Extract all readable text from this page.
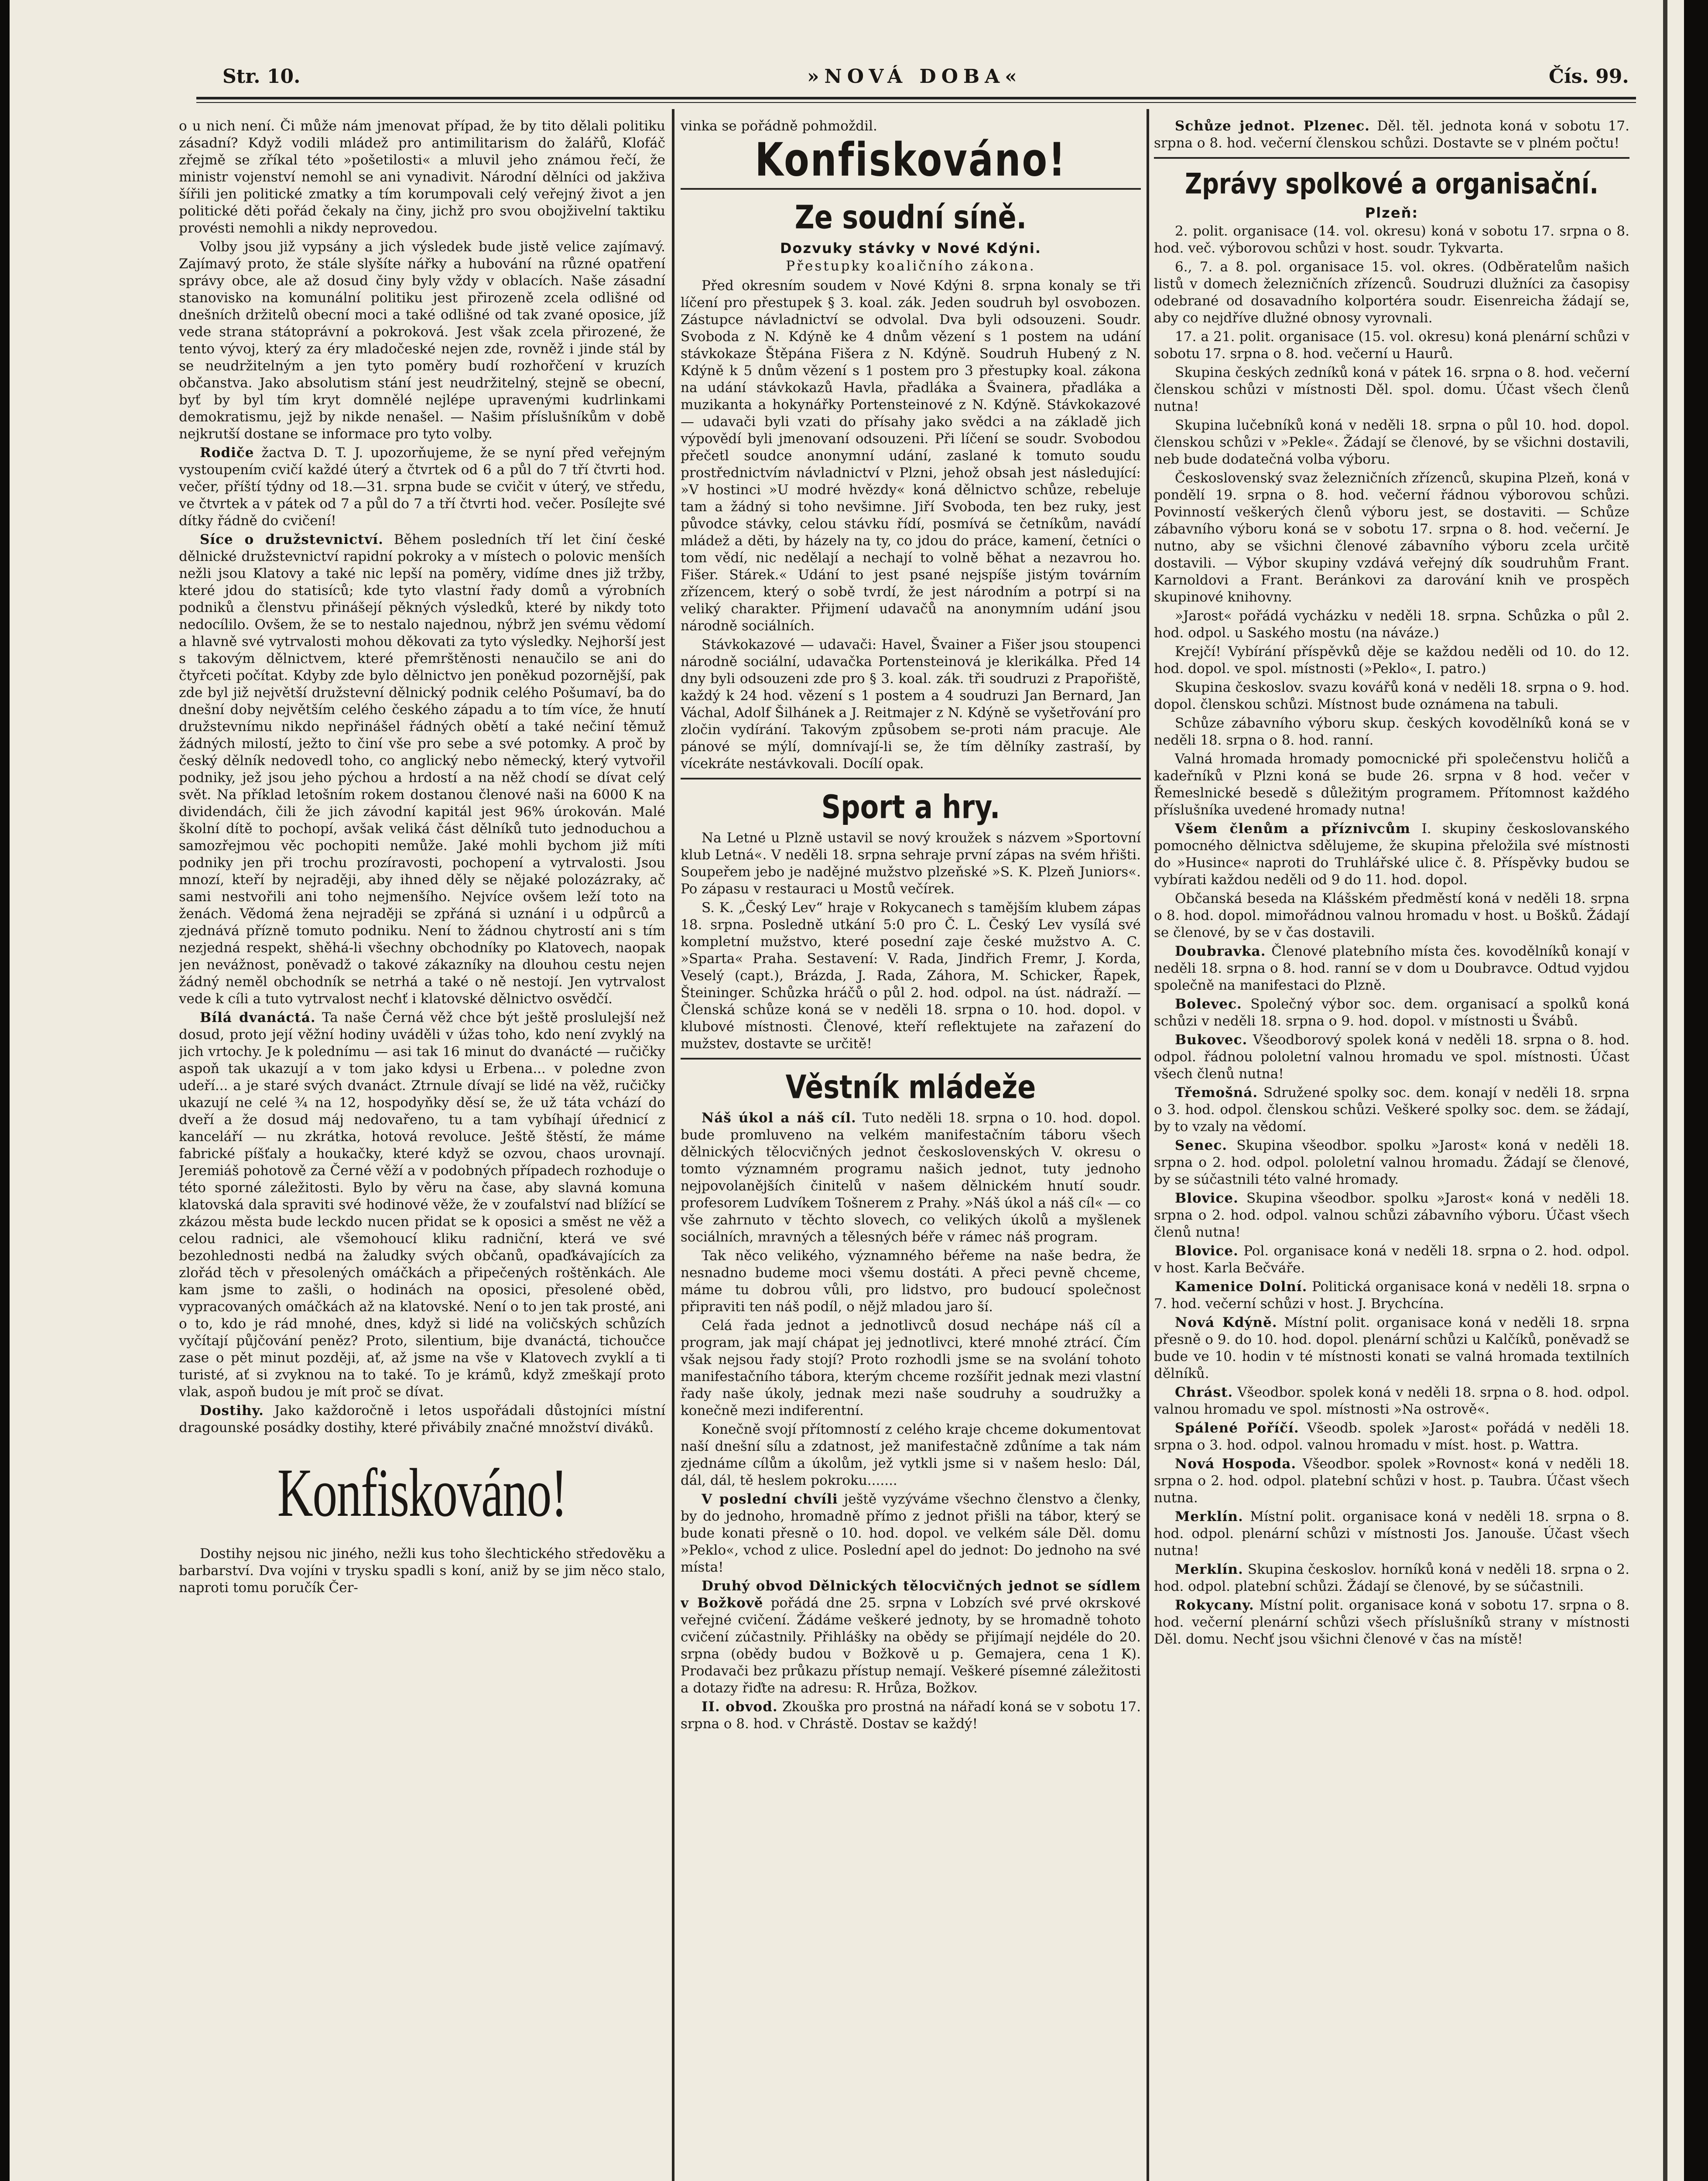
Str. 10.	»NOVÁ DOBA«	Čís. 99.

o u nich není. Či může nám jmenovat případ, že by tito dělali politiku zásadní? Když vodili mládež pro antimilitarism do žalářů, Klofáč zřejmě se zříkal této »pošetilosti« a mluvil jeho známou řečí, že ministr vojenství nemohl se ani vynadivit. Národní dělníci od jakživa šířili jen politické zmatky a tím korumpovali celý veřejný život a jen politické děti pořád čekaly na činy, jichž pro svou obojživelní taktiku provésti nemohli a nikdy neprovedou.

Volby jsou již vypsány a jich výsledek bude jistě velice zajímavý. Zajímavý proto, že stále slyšíte nářky a hubování na různé opatření správy obce, ale až dosud činy byly vždy v oblacích. Naše zásadní stanovisko na komunální politiku jest přirozeně zcela odlišné od dnešních držitelů obecní moci a také odlišné od tak zvané oposice, jíž vede strana státoprávní a pokroková. Jest však zcela přirozené, že tento vývoj, který za éry mladočeské nejen zde, rovněž i jinde stál by se neudržitelným a jen tyto poměry budí rozhořčení v kruzích občanstva. Jako absolutism stání jest neudržitelný, stejně se obecní, byť by byl tím kryt domnělé nejlépe upravenými kudrlinkami demokratismu, jejž by nikde nenašel. — Našim příslušníkům v době nejkrutší dostane se informace pro tyto volby.

Rodiče žactva D. T. J. upozorňujeme, že se nyní před veřejným vystoupením cvičí každé úterý a čtvrtek od 6 a půl do 7 tří čtvrti hod. večer, příští týdny od 18.—31. srpna bude se cvičit v úterý, ve středu, ve čtvrtek a v pátek od 7 a půl do 7 a tří čtvrti hod. večer. Posílejte své dítky řádně do cvičení!

Síce o družstevnictví. Během posledních tří let činí české dělnické družstevnictví rapidní pokroky a v místech o polovic menších nežli jsou Klatovy a také nic lepší na poměry, vidíme dnes již tržby, které jdou do statisíců; kde tyto vlastní řady domů a výrobních podniků a členstvu přinášejí pěkných výsledků, které by nikdy toto nedocílilo. Ovšem, že se to nestalo najednou, nýbrž jen svému vědomí a hlavně své vytrvalosti mohou děkovati za tyto výsledky. Nejhorší jest s takovým dělnictvem, které přemrštěnosti nenaučilo se ani do čtyřceti počítat. Kdyby zde bylo dělnictvo jen poněkud pozornější, pak zde byl již největší družstevní dělnický podnik celého Pošumaví, ba do dnešní doby největším celého českého západu a to tím více, že hnutí družstevnímu nikdo nepřinášel řádných obětí a také nečiní těmuž žádných milostí, ježto to činí vše pro sebe a své potomky. A proč by český dělník nedovedl toho, co anglický nebo německý, který vytvořil podniky, jež jsou jeho pýchou a hrdostí a na něž chodí se dívat celý svět. Na příklad letošním rokem dostanou členové naši na 6000 K na dividendách, čili že jich závodní kapitál jest 96% úrokován. Malé školní dítě to pochopí, avšak veliká část dělníků tuto jednoduchou a samozřejmou věc pochopiti nemůže. Jaké mohli bychom již míti podniky jen při trochu prozíravosti, pochopení a vytrvalosti. Jsou mnozí, kteří by nejraději, aby ihned děly se nějaké polozázraky, ač sami nestvořili ani toho nejmenšího. Nejvíce ovšem leží toto na ženách. Vědomá žena nejraději se zpřáná si uznání i u odpůrců a zjednává přízně tomuto podniku. Není to žádnou chytrostí ani s tím nezjedná respekt, shěhá-li všechny obchodníky po Klatovech, naopak jen nevážnost, poněvadž o takové zákazníky na dlouhou cestu nejen žádný neměl obchodník se netrhá a také o ně nestojí. Jen vytrvalost vede k cíli a tuto vytrvalost nechť i klatovské dělnictvo osvědčí.

Bílá dvanáctá. Ta naše Černá věž chce být ještě proslulejší než dosud, proto její věžní hodiny uváděli v úžas toho, kdo není zvyklý na jich vrtochy. Je k polednímu — asi tak 16 minut do dvanácté — ručičky aspoň tak ukazují a v tom jako kdysi u Erbena... v poledne zvon udeří... a je staré svých dvanáct. Ztrnule dívají se lidé na věž, ručičky ukazují ne celé ¾ na 12, hospodyňky děsí se, že už táta vchází do dveří a že dosud máj nedovařeno, tu a tam vybíhají úřednicí z kanceláří — nu zkrátka, hotová revoluce. Ještě štěstí, že máme fabrické píšťaly a houkačky, které když se ozvou, chaos urovnají. Jeremiáš pohotově za Černé věží a v podobných případech rozhoduje o této sporné záležitosti. Bylo by věru na čase, aby slavná komuna klatovská dala spraviti své hodinové věže, že v zoufalství nad blížící se zkázou města bude leckdo nucen přidat se k oposici a směst ne věž a celou radnici, ale všemohoucí kliku radniční, která ve své bezohlednosti nedbá na žaludky svých občanů, opaďkávajících za zlořád těch v přesolených omáčkách a připečených roštěnkách. Ale kam jsme to zašli, o hodinách na oposici, přesolené oběd, vypracovaných omáčkách až na klatovské. Není o to jen tak prosté, ani o to, kdo je rád mnohé, dnes, když si lidé na voličských schůzích vyčítají půjčování peněz? Proto, silentium, bije dvanáctá, tichoučce zase o pět minut později, ať, až jsme na vše v Klatovech zvyklí a ti turisté, ať si zvyknou na to také. To je krámů, když zmeškají proto vlak, aspoň budou je mít proč se dívat.

Dostihy. Jako každoročně i letos uspořádali důstojníci místní dragounské posádky dostihy, které přivábily značné množství diváků.

Konfiskováno!

Dostihy nejsou nic jiného, nežli kus toho šlechtického středověku a barbarství. Dva vojíni v trysku spadli s koní, aniž by se jim něco stalo, naproti tomu poručík Čer-

vinka se pořádně pohmoždil.

Konfiskováno!
Ze soudní síně.
Dozvuky stávky v Nové Kdýni.
Přestupky koaličního zákona.

Před okresním soudem v Nové Kdýni 8. srpna konaly se tři líčení pro přestupek § 3. koal. zák. Jeden soudruh byl osvobozen. Zástupce návladnictví se odvolal. Dva byli odsouzeni. Soudr. Svoboda z N. Kdýně ke 4 dnům vězení s 1 postem na udání stávkokaze Štěpána Fišera z N. Kdýně. Soudruh Hubený z N. Kdýně k 5 dnům vězení s 1 postem pro 3 přestupky koal. zákona na udání stávkokazů Havla, přadláka a Švainera, přadláka a muzikanta a hokynářky Portensteinové z N. Kdýně. Stávkokazové — udavači byli vzati do přísahy jako svědci a na základě jich výpovědí byli jmenovaní odsouzeni. Při líčení se soudr. Svobodou přečetl soudce anonymní udání, zaslané k tomuto soudu prostřednictvím návladnictví v Plzni, jehož obsah jest následující: »V hostinci »U modré hvězdy« koná dělnictvo schůze, rebeluje tam a žádný si toho nevšimne. Jiří Svoboda, ten bez ruky, jest původce stávky, celou stávku řídí, posmívá se četníkům, navádí mládež a děti, by házely na ty, co jdou do práce, kamení, četníci o tom vědí, nic nedělají a nechají to volně běhat a nezavrou ho. Fišer. Stárek.« Udání to jest psané nejspíše jistým továrním zřízencem, který o sobě tvrdí, že jest národním a potrpí si na veliký charakter. Přijmení udavačů na anonymním udání jsou národně sociálních.

Stávkokazové — udavači: Havel, Švainer a Fišer jsou stoupenci národně sociální, udavačka Portensteinová je klerikálka. Před 14 dny byli odsouzeni zde pro § 3. koal. zák. tři soudruzi z Prapořiště, každý k 24 hod. vězení s 1 postem a 4 soudruzi Jan Bernard, Jan Váchal, Adolf Šilhánek a J. Reitmajer z N. Kdýně se vyšetřování pro zločin vydírání. Takovým způsobem se-proti nám pracuje. Ale pánové se mýlí, domnívají-li se, že tím dělníky zastraší, by vícekráte nestávkovali. Docílí opak.

Sport a hry.

Na Letné u Plzně ustavil se nový kroužek s názvem »Sportovní klub Letná«. V neděli 18. srpna sehraje první zápas na svém hřišti. Soupeřem jebo je nadějné mužstvo plzeňské »S. K. Plzeň Juniors«. Po zápasu v restauraci u Mostů večírek.

S. K. „Český Lev“ hraje v Rokycanech s tamějším klubem zápas 18. srpna. Posledně utkání 5:0 pro Č. L. Český Lev vysílá své kompletní mužstvo, které posední zaje české mužstvo A. C. »Sparta« Praha. Sestavení: V. Rada, Jindřich Fremr, J. Korda, Veselý (capt.), Brázda, J. Rada, Záhora, M. Schicker, Řapek, Šteininger. Schůzka hráčů o půl 2. hod. odpol. na úst. nádraží. — Členská schůze koná se v neděli 18. srpna o 10. hod. dopol. v klubové místnosti. Členové, kteří reflektujete na zařazení do mužstev, dostavte se určitě!

Věstník mládeže

Náš úkol a náš cíl. Tuto neděli 18. srpna o 10. hod. dopol. bude promluveno na velkém manifestačním táboru všech dělnických tělocvičných jednot československých V. okresu o tomto významném programu našich jednot, tuty jednoho nejpovolanějších činitelů v našem dělnickém hnutí soudr. profesorem Ludvíkem Tošnerem z Prahy. »Náš úkol a náš cíl« — co vše zahrnuto v těchto slovech, co velikých úkolů a myšlenek sociálních, mravných a tělesných béře v rámec náš program.

Tak něco velikého, významného béřeme na naše bedra, že nesnadno budeme moci všemu dostáti. A přeci pevně chceme, máme tu dobrou vůli, pro lidstvo, pro budoucí společnost připraviti ten náš podíl, o nějž mladou jaro ší.

Celá řada jednot a jednotlivců dosud nechápe náš cíl a program, jak mají chápat jej jednotlivci, které mnohé ztrácí. Čím však nejsou řady stojí? Proto rozhodli jsme se na svolání tohoto manifestačního tábora, kterým chceme rozšířit jednak mezi vlastní řady naše úkoly, jednak mezi naše soudruhy a soudružky a konečně mezi indiferentní.

Konečně svojí přítomností z celého kraje chceme dokumentovat naší dnešní sílu a zdatnost, jež manifestačně zdůníme a tak nám zjednáme cílům a úkolům, jež vytkli jsme si v našem heslo: Dál, dál, dál, tě heslem pokroku.......

V poslední chvíli ještě vyzýváme všechno členstvo a členky, by do jednoho, hromadně přímo z jednot přišli na tábor, který se bude konati přesně o 10. hod. dopol. ve velkém sále Děl. domu »Peklo«, vchod z ulice. Poslední apel do jednot: Do jednoho na své místa!

Druhý obvod Dělnických tělocvičných jednot se sídlem v Božkově pořádá dne 25. srpna v Lobzích své prvé okrskové veřejné cvičení. Žádáme veškeré jednoty, by se hromadně tohoto cvičení zúčastnily. Přihlášky na obědy se přijímají nejdéle do 20. srpna (obědy budou v Božkově u p. Gemajera, cena 1 K). Prodavači bez průkazu přístup nemají. Veškeré písemné záležitosti a dotazy řiďte na adresu: R. Hrůza, Božkov.

II. obvod. Zkouška pro prostná na nářadí koná se v sobotu 17. srpna o 8. hod. v Chrástě. Dostav se každý!

Schůze jednot. Plzenec. Děl. těl. jednota koná v sobotu 17. srpna o 8. hod. večerní členskou schůzi. Dostavte se v plném počtu!

Zprávy spolkové a organisační.
Plzeň:

2. polit. organisace (14. vol. okresu) koná v sobotu 17. srpna o 8. hod. več. výborovou schůzi v host. soudr. Tykvarta.

6., 7. a 8. pol. organisace 15. vol. okres. (Odběratelům našich listů v domech železničních zřízenců. Soudruzi dlužníci za časopisy odebrané od dosavadního kolportéra soudr. Eisenreicha žádají se, aby co nejdříve dlužné obnosy vyrovnali.

17. a 21. polit. organisace (15. vol. okresu) koná plenární schůzi v sobotu 17. srpna o 8. hod. večerní u Haurů.

Skupina českých zedníků koná v pátek 16. srpna o 8. hod. večerní členskou schůzi v místnosti Děl. spol. domu. Účast všech členů nutna!

Skupina lučebníků koná v neděli 18. srpna o půl 10. hod. dopol. členskou schůzi v »Pekle«. Žádají se členové, by se všichni dostavili, neb bude dodatečná volba výboru.

Československý svaz železničních zřízenců, skupina Plzeň, koná v pondělí 19. srpna o 8. hod. večerní řádnou výborovou schůzi. Povinností veškerých členů výboru jest, se dostaviti. — Schůze zábavního výboru koná se v sobotu 17. srpna o 8. hod. večerní. Je nutno, aby se všichni členové zábavního výboru zcela určitě dostavili. — Výbor skupiny vzdává veřejný dík soudruhům Frant. Karnoldovi a Frant. Beránkovi za darování knih ve prospěch skupinové knihovny.

»Jarost« pořádá vycházku v neděli 18. srpna. Schůzka o půl 2. hod. odpol. u Saského mostu (na náváze.)

Krejčí! Vybírání příspěvků děje se každou neděli od 10. do 12. hod. dopol. ve spol. místnosti (»Peklo«, I. patro.)

Skupina českoslov. svazu kovářů koná v neděli 18. srpna o 9. hod. dopol. členskou schůzi. Místnost bude oznámena na tabuli.

Schůze zábavního výboru skup. českých kovodělníků koná se v neděli 18. srpna o 8. hod. ranní.

Valná hromada hromady pomocnické při společenstvu holičů a kadeřníků v Plzni koná se bude 26. srpna v 8 hod. večer v Řemeslnické besedě s důležitým programem. Přítomnost každého příslušníka uvedené hromady nutna!

Všem členům a příznivcům I. skupiny českoslovanského pomocného dělnictva sdělujeme, že skupina přeložila své místnosti do »Husince« naproti do Truhlářské ulice č. 8. Příspěvky budou se vybírati každou neděli od 9 do 11. hod. dopol.

Občanská beseda na Klášském předměstí koná v neděli 18. srpna o 8. hod. dopol. mimořádnou valnou hromadu v host. u Bošků. Žádají se členové, by se v čas dostavili.

Doubravka. Členové platebního místa čes. kovodělníků konají v neděli 18. srpna o 8. hod. ranní se v dom u Doubravce. Odtud vyjdou společně na manifestaci do Plzně.

Bolevec. Společný výbor soc. dem. organisací a spolků koná schůzi v neděli 18. srpna o 9. hod. dopol. v místnosti u Švábů.

Bukovec. Všeodborový spolek koná v neděli 18. srpna o 8. hod. odpol. řádnou pololetní valnou hromadu ve spol. místnosti. Účast všech členů nutna!

Třemošná. Sdružené spolky soc. dem. konají v neděli 18. srpna o 3. hod. odpol. členskou schůzi. Veškeré spolky soc. dem. se žádají, by to vzaly na vědomí.

Senec. Skupina všeodbor. spolku »Jarost« koná v neděli 18. srpna o 2. hod. odpol. pololetní valnou hromadu. Žádají se členové, by se súčastnili této valné hromady.

Blovice. Skupina všeodbor. spolku »Jarost« koná v neděli 18. srpna o 2. hod. odpol. valnou schůzi zábavního výboru. Účast všech členů nutna!

Blovice. Pol. organisace koná v neděli 18. srpna o 2. hod. odpol. v host. Karla Bečváře.

Kamenice Dolní. Politická organisace koná v neděli 18. srpna o 7. hod. večerní schůzi v host. J. Brychcína.

Nová Kdýně. Místní polit. organisace koná v neděli 18. srpna přesně o 9. do 10. hod. dopol. plenární schůzi u Kalčíků, poněvadž se bude ve 10. hodin v té místnosti konati se valná hromada textilních dělníků.

Chrást. Všeodbor. spolek koná v neděli 18. srpna o 8. hod. odpol. valnou hromadu ve spol. místnosti »Na ostrově«.

Spálené Poříčí. Všeodb. spolek »Jarost« pořádá v neděli 18. srpna o 3. hod. odpol. valnou hromadu v míst. host. p. Wattra.

Nová Hospoda. Všeodbor. spolek »Rovnost« koná v neděli 18. srpna o 2. hod. odpol. platební schůzi v host. p. Taubra. Účast všech nutna.

Merklín. Místní polit. organisace koná v neděli 18. srpna o 8. hod. odpol. plenární schůzi v místnosti Jos. Janouše. Účast všech nutna!

Merklín. Skupina českoslov. horníků koná v neděli 18. srpna o 2. hod. odpol. platební schůzi. Žádají se členové, by se súčastnili.

Rokycany. Místní polit. organisace koná v sobotu 17. srpna o 8. hod. večerní plenární schůzi všech příslušníků strany v místnosti Děl. domu. Nechť jsou všichni členové v čas na místě!
